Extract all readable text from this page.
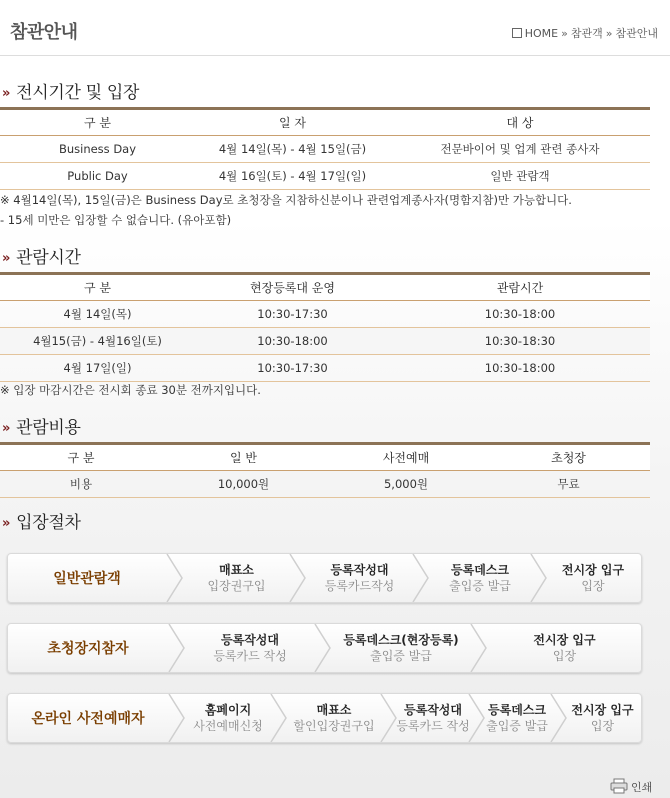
참관안내	HOME » 참관객 » 참관안내
» 전시기간 및 입장
구 분	일 자	대 상
Business Day	4월 14일(목) - 4월 15일(금)	전문바이어 및 업계 관련 종사자
Public Day	4월 16일(토) - 4월 17일(일)	일반 관람객
※ 4월14일(목), 15일(금)은 Business Day로 초청장을 지참하신분이나 관련업계종사자(명함지참)만 가능합니다.
- 15세 미만은 입장할 수 없습니다. (유아포함)
» 관람시간
구 분	현장등록대 운영	관람시간
4월 14일(목)	10:30-17:30	10:30-18:00
4월15(금) - 4월16일(토)	10:30-18:00	10:30-18:30
4월 17일(일)	10:30-17:30	10:30-18:00
※ 입장 마감시간은 전시회 종료 30분 전까지입니다.
» 관람비용
구 분	일 반	사전예매	초청장
비용	10,000원	5,000원	무료
» 입장절차
일반관람객
매표소
입장권구입
등록작성대
등록카드작성
등록데스크
출입증 발급
전시장 입구
입장
초청장지참자
등록작성대
등록카드 작성
등록데스크(현장등록)
출입증 발급
전시장 입구
입장
온라인 사전예매자
홈페이지
사전예매신청
매표소
할인입장권구입
등록작성대
등록카드 작성
등록데스크
출입증 발급
전시장 입구
입장
인쇄
